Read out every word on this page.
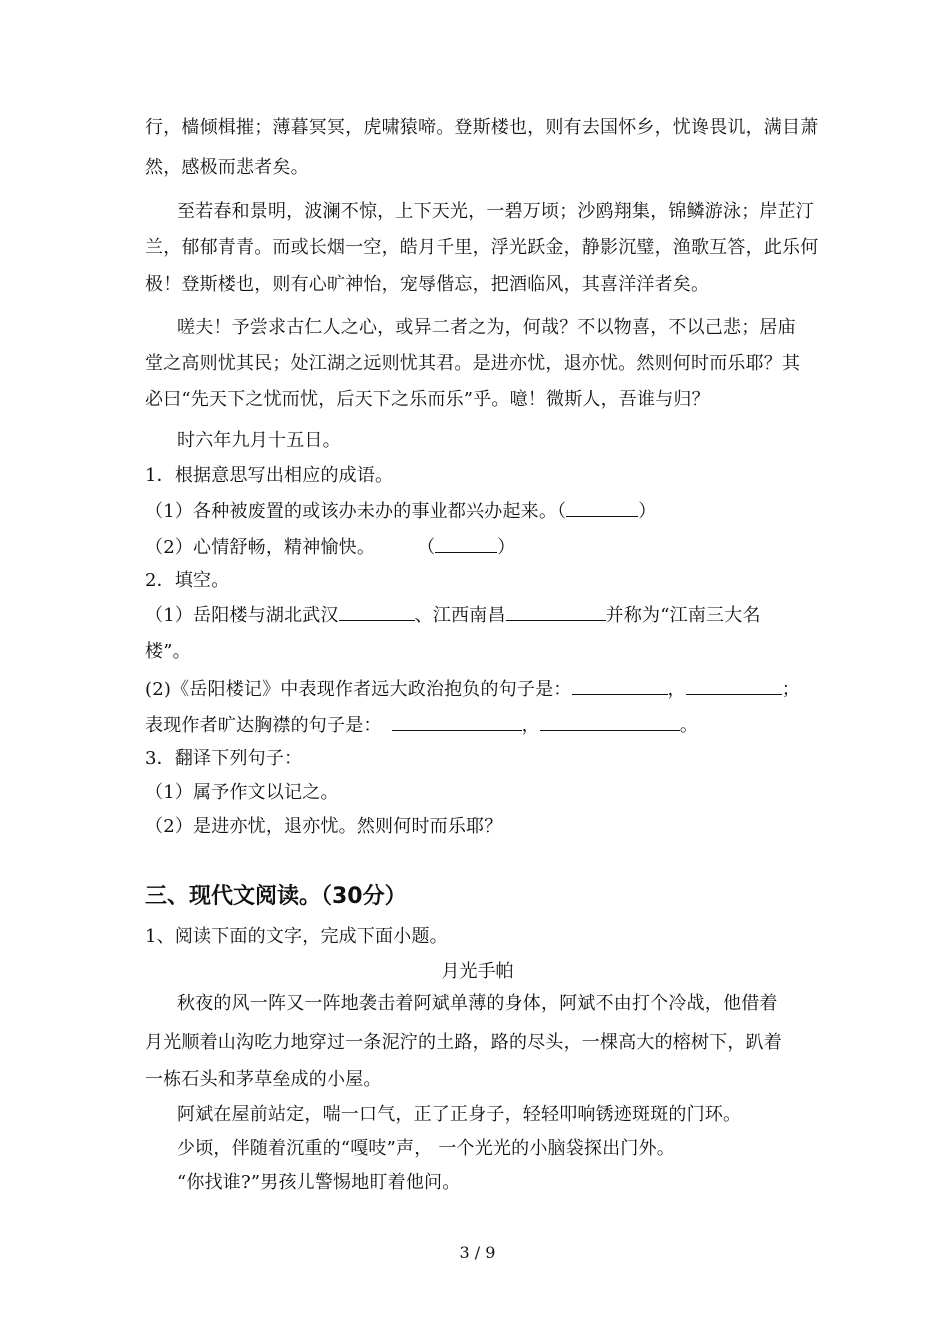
行，樯倾楫摧；薄暮冥冥，虎啸猿啼。登斯楼也，则有去国怀乡，忧谗畏讥，满目萧
然，感极而悲者矣。
至若春和景明，波澜不惊，上下天光，一碧万顷；沙鸥翔集，锦鳞游泳；岸芷汀
兰，郁郁青青。而或长烟一空，皓月千里，浮光跃金，静影沉璧，渔歌互答，此乐何
极！登斯楼也，则有心旷神怡，宠辱偕忘，把酒临风，其喜洋洋者矣。
嗟夫！予尝求古仁人之心，或异二者之为，何哉？不以物喜，不以己悲；居庙
堂之高则忧其民；处江湖之远则忧其君。是进亦忧，退亦忧。然则何时而乐耶？其
必曰“先天下之忧而忧，后天下之乐而乐”乎。噫！微斯人，吾谁与归？
时六年九月十五日。
1．根据意思写出相应的成语。
（1）各种被废置的或该办未办的事业都兴办起来。（	）
（2）心情舒畅，精神愉快。 （	）
2．填空。
（1）岳阳楼与湖北武汉	、江西南昌	并称为“江南三大名
楼”。
(2)《岳阳楼记》中表现作者远大政治抱负的句子是：	，	；
表现作者旷达胸襟的句子是：	，	。
3．翻译下列句子：
（1）属予作文以记之。
（2）是进亦忧，退亦忧。然则何时而乐耶？
三、现代文阅读。（30分）
1、阅读下面的文字，完成下面小题。
月光手帕
秋夜的风一阵又一阵地袭击着阿斌单薄的身体，阿斌不由打个冷战，他借着
月光顺着山沟吃力地穿过一条泥泞的土路，路的尽头，一棵高大的榕树下，趴着
一栋石头和茅草垒成的小屋。
阿斌在屋前站定，喘一口气，正了正身子，轻轻叩响锈迹斑斑的门环。
少顷，伴随着沉重的“嘎吱”声， 一个光光的小脑袋探出门外。
“你找谁?”男孩儿警惕地盯着他问。
3 / 9
